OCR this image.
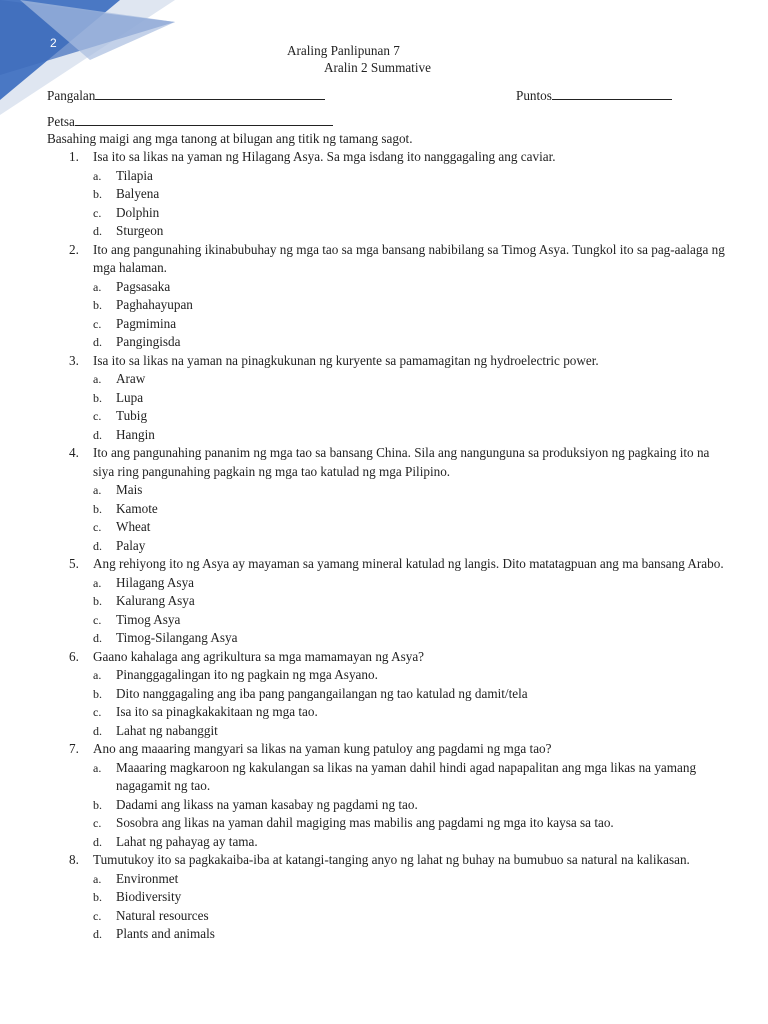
2	Araling Panlipunan 7
Aralin 2 Summative
Pangalan	Puntos
Petsa
Basahing maigi ang mga tanong at bilugan ang titik ng tamang sagot.
1. Isa ito sa likas na yaman ng Hilagang Asya. Sa mga isdang ito nanggagaling ang caviar.
a. Tilapia
b. Balyena
c. Dolphin
d. Sturgeon
2. Ito ang pangunahing ikinabubuhay ng mga tao sa mga bansang nabibilang sa Timog Asya. Tungkol ito sa pag-aalaga ng mga halaman.
a. Pagsasaka
b. Paghahayupan
c. Pagmimina
d. Pangingisda
3. Isa ito sa likas na yaman na pinagkukunan ng kuryente sa pamamagitan ng hydroelectric power.
a. Araw
b. Lupa
c. Tubig
d. Hangin
4. Ito ang pangunahing pananim ng mga tao sa bansang China. Sila ang nangunguna sa produksiyon ng pagkaing ito na siya ring pangunahing pagkain ng mga tao katulad ng mga Pilipino.
a. Mais
b. Kamote
c. Wheat
d. Palay
5. Ang rehiyong ito ng Asya ay mayaman sa yamang mineral katulad ng langis. Dito matatagpuan ang ma bansang Arabo.
a. Hilagang Asya
b. Kalurang Asya
c. Timog Asya
d. Timog-Silangang Asya
6. Gaano kahalaga ang agrikultura sa mga mamamayan ng Asya?
a. Pinanggagalingan ito ng pagkain ng mga Asyano.
b. Dito nanggagaling ang iba pang pangangailangan ng tao katulad ng damit/tela
c. Isa ito sa pinagkakakitaan ng mga tao.
d. Lahat ng nabanggit
7. Ano ang maaaring mangyari sa likas na yaman kung patuloy ang pagdami ng mga tao?
a. Maaaring magkaroon ng kakulangan sa likas na yaman dahil hindi agad napapalitan ang mga likas na yamang nagagamit ng tao.
b. Dadami ang likass na yaman kasabay ng pagdami ng tao.
c. Sosobra ang likas na yaman dahil magiging mas mabilis ang pagdami ng mga ito kaysa sa tao.
d. Lahat ng pahayag ay tama.
8. Tumutukoy ito sa pagkakaiba-iba at katangi-tanging anyo ng lahat ng buhay na bumubuo sa natural na kalikasan.
a. Environmet
b. Biodiversity
c. Natural resources
d. Plants and animals
